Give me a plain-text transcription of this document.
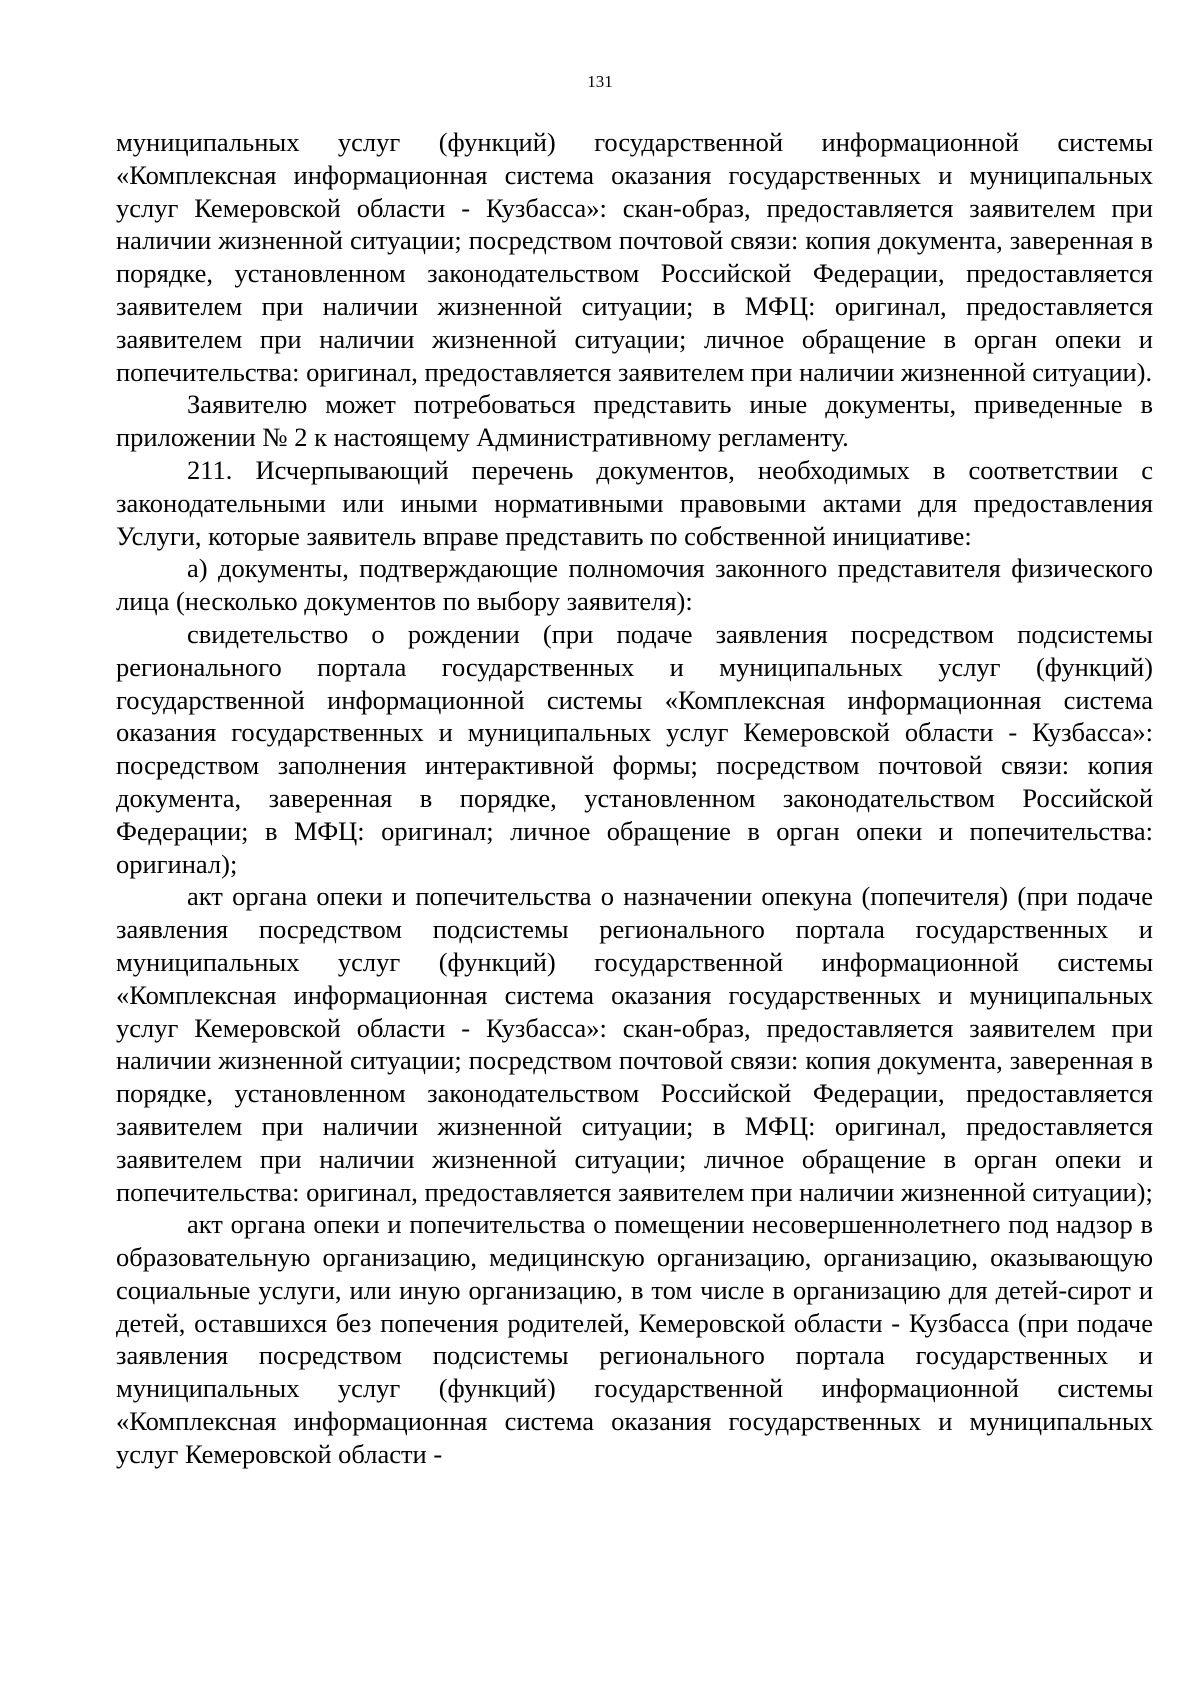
131

муниципальных услуг (функций) государственной информационной системы «Комплексная информационная система оказания государственных и муниципальных услуг Кемеровской области - Кузбасса»: скан-образ, предоставляется заявителем при наличии жизненной ситуации; посредством почтовой связи: копия документа, заверенная в порядке, установленном законодательством Российской Федерации, предоставляется заявителем при наличии жизненной ситуации; в МФЦ: оригинал, предоставляется заявителем при наличии жизненной ситуации; личное обращение в орган опеки и попечительства: оригинал, предоставляется заявителем при наличии жизненной ситуации).

Заявителю может потребоваться представить иные документы, приведенные в приложении № 2 к настоящему Административному регламенту.

211. Исчерпывающий перечень документов, необходимых в соответствии с законодательными или иными нормативными правовыми актами для предоставления Услуги, которые заявитель вправе представить по собственной инициативе:

а) документы, подтверждающие полномочия законного представителя физического лица (несколько документов по выбору заявителя):

свидетельство о рождении (при подаче заявления посредством подсистемы регионального портала государственных и муниципальных услуг (функций) государственной информационной системы «Комплексная информационная система оказания государственных и муниципальных услуг Кемеровской области - Кузбасса»: посредством заполнения интерактивной формы; посредством почтовой связи: копия документа, заверенная в порядке, установленном законодательством Российской Федерации; в МФЦ: оригинал; личное обращение в орган опеки и попечительства: оригинал);

акт органа опеки и попечительства о назначении опекуна (попечителя) (при подаче заявления посредством подсистемы регионального портала государственных и муниципальных услуг (функций) государственной информационной системы «Комплексная информационная система оказания государственных и муниципальных услуг Кемеровской области - Кузбасса»: скан-образ, предоставляется заявителем при наличии жизненной ситуации; посредством почтовой связи: копия документа, заверенная в порядке, установленном законодательством Российской Федерации, предоставляется заявителем при наличии жизненной ситуации; в МФЦ: оригинал, предоставляется заявителем при наличии жизненной ситуации; личное обращение в орган опеки и попечительства: оригинал, предоставляется заявителем при наличии жизненной ситуации);

акт органа опеки и попечительства о помещении несовершеннолетнего под надзор в образовательную организацию, медицинскую организацию, организацию, оказывающую социальные услуги, или иную организацию, в том числе в организацию для детей-сирот и детей, оставшихся без попечения родителей, Кемеровской области - Кузбасса (при подаче заявления посредством подсистемы регионального портала государственных и муниципальных услуг (функций) государственной информационной системы «Комплексная информационная система оказания государственных и муниципальных услуг Кемеровской области -
